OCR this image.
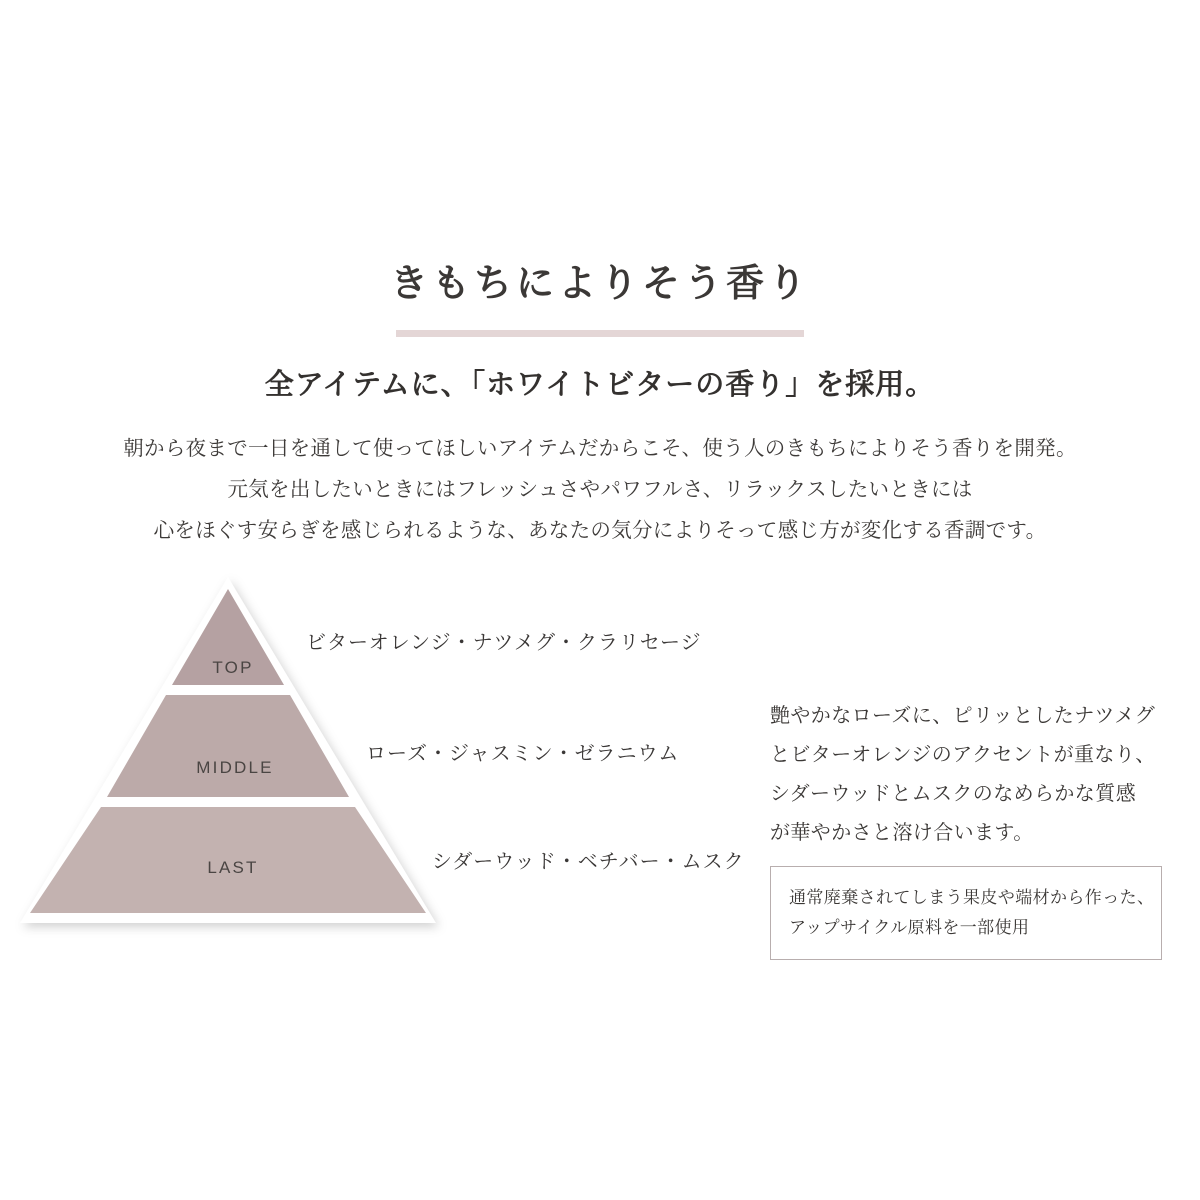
きもちによりそう香り
全アイテムに、「ホワイトビターの香り」を採用。
朝から夜まで一日を通して使ってほしいアイテムだからこそ、使う人のきもちによりそう香りを開発。
元気を出したいときにはフレッシュさやパワフルさ、リラックスしたいときには
心をほぐす安らぎを感じられるような、あなたの気分によりそって感じ方が変化する香調です。
TOP
MIDDLE
LAST
ビターオレンジ・ナツメグ・クラリセージ
ローズ・ジャスミン・ゼラニウム
シダーウッド・ベチバー・ムスク
艶やかなローズに、ピリッとしたナツメグ
とビターオレンジのアクセントが重なり、
シダーウッドとムスクのなめらかな質感
が華やかさと溶け合います。
通常廃棄されてしまう果皮や端材から作った、
アップサイクル原料を一部使用
